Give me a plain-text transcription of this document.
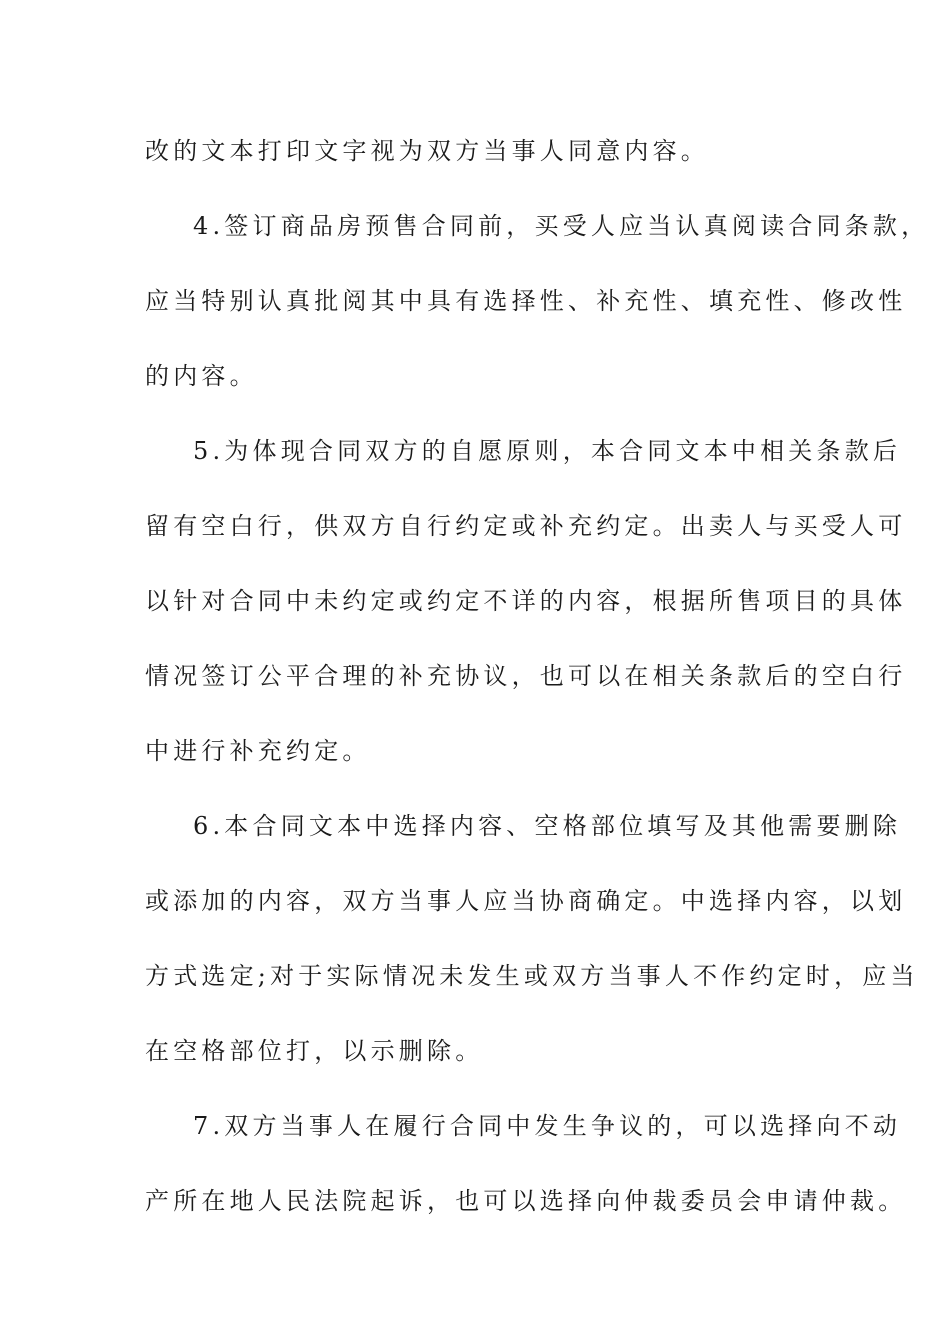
改的文本打印文字视为双方当事人同意内容。
4.签订商品房预售合同前，买受人应当认真阅读合同条款，
应当特别认真批阅其中具有选择性、补充性、填充性、修改性
的内容。
5.为体现合同双方的自愿原则，本合同文本中相关条款后
留有空白行，供双方自行约定或补充约定。出卖人与买受人可
以针对合同中未约定或约定不详的内容，根据所售项目的具体
情况签订公平合理的补充协议，也可以在相关条款后的空白行
中进行补充约定。
6.本合同文本中选择内容、空格部位填写及其他需要删除
或添加的内容，双方当事人应当协商确定。中选择内容，以划
方式选定;对于实际情况未发生或双方当事人不作约定时，应当
在空格部位打，以示删除。
7.双方当事人在履行合同中发生争议的，可以选择向不动
产所在地人民法院起诉，也可以选择向仲裁委员会申请仲裁。
